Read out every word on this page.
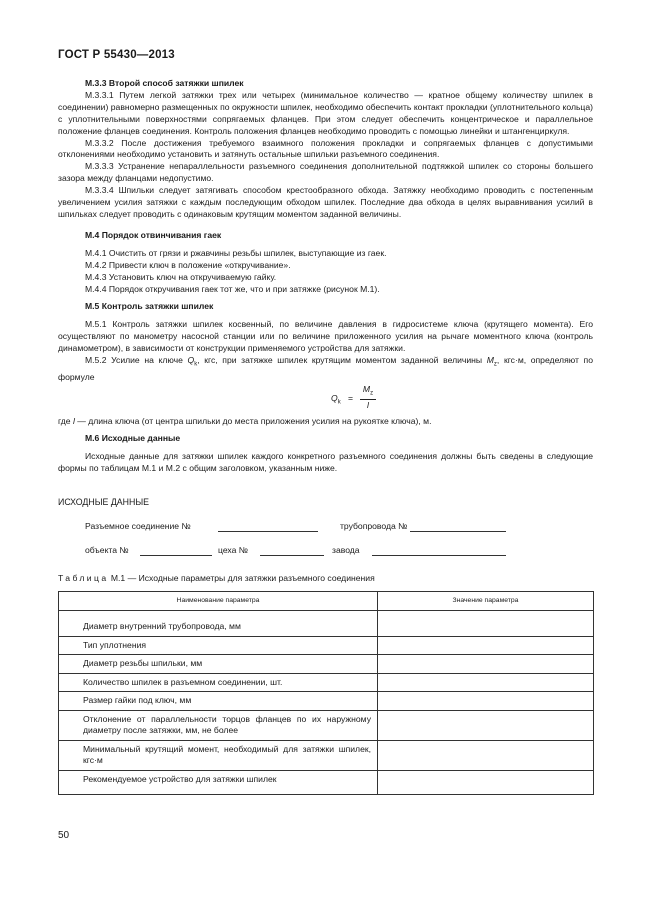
ГОСТ Р 55430—2013
М.3.3 Второй способ затяжки шпилек

М.3.3.1 Путем легкой затяжки трех или четырех (минимальное количество — кратное общему количеству шпилек в соединении) равномерно размещенных по окружности шпилек, необходимо обеспечить контакт прокладки (уплотнительного кольца) с уплотнительными поверхностями сопрягаемых фланцев. При этом следует обеспечить концентрическое и параллельное положение фланцев соединения. Контроль положения фланцев необходимо проводить с помощью линейки и штангенциркуля.

М.3.3.2 После достижения требуемого взаимного положения прокладки и сопрягаемых фланцев с допустимыми отклонениями необходимо установить и затянуть остальные шпильки разъемного соединения.

М.3.3.3 Устранение непараллельности разъемного соединения дополнительной подтяжкой шпилек со стороны большего зазора между фланцами недопустимо.

М.3.3.4 Шпильки следует затягивать способом крестообразного обхода. Затяжку необходимо проводить с постепенным увеличением усилия затяжки с каждым последующим обходом шпилек. Последние два обхода в целях выравнивания усилий в шпильках следует проводить с одинаковым крутящим моментом заданной величины.

М.4 Порядок отвинчивания гаек

М.4.1 Очистить от грязи и ржавчины резьбы шпилек, выступающие из гаек.

М.4.2 Привести ключ в положение «откручивание».

М.4.3 Установить ключ на откручиваемую гайку.

М.4.4 Порядок откручивания гаек тот же, что и при затяжке (рисунок М.1).

М.5 Контроль затяжки шпилек

М.5.1 Контроль затяжки шпилек косвенный, по величине давления в гидросистеме ключа (крутящего момента). Его осуществляют по манометру насосной станции или по величине приложенного усилия на рычаге моментного ключа (контроль динамометром), в зависимости от конструкции применяемого устройства для затяжки.

М.5.2 Усилие на ключе $Q_k$, кгс, при затяжке шпилек крутящим моментом заданной величины $M_z$, кгс·м, определяют по формуле

$Q_k = \frac{M_z}{l}$

где l — длина ключа (от центра шпильки до места приложения усилия на рукоятке ключа), м.

М.6 Исходные данные

Исходные данные для затяжки шпилек каждого конкретного разъемного соединения должны быть сведены в следующие формы по таблицам М.1 и М.2 с общим заголовком, указанным ниже.

ИСХОДНЫЕ ДАННЫЕ

Разъемное соединение №	трубопровода №
объекта №	цеха №	завода

Таблица М.1 — Исходные параметры для затяжки разъемного соединения

Наименование параметра	Значение параметра
Диаметр внутренний трубопровода, мм	
Тип уплотнения	
Диаметр резьбы шпильки, мм	
Количество шпилек в разъемном соединении, шт.	
Размер гайки под ключ, мм	
Отклонение от параллельности торцов фланцев по их наружному диаметру после затяжки, мм, не более	
Минимальный крутящий момент, необходимый для затяжки шпилек, кгс·м	
Рекомендуемое устройство для затяжки шпилек	
50
